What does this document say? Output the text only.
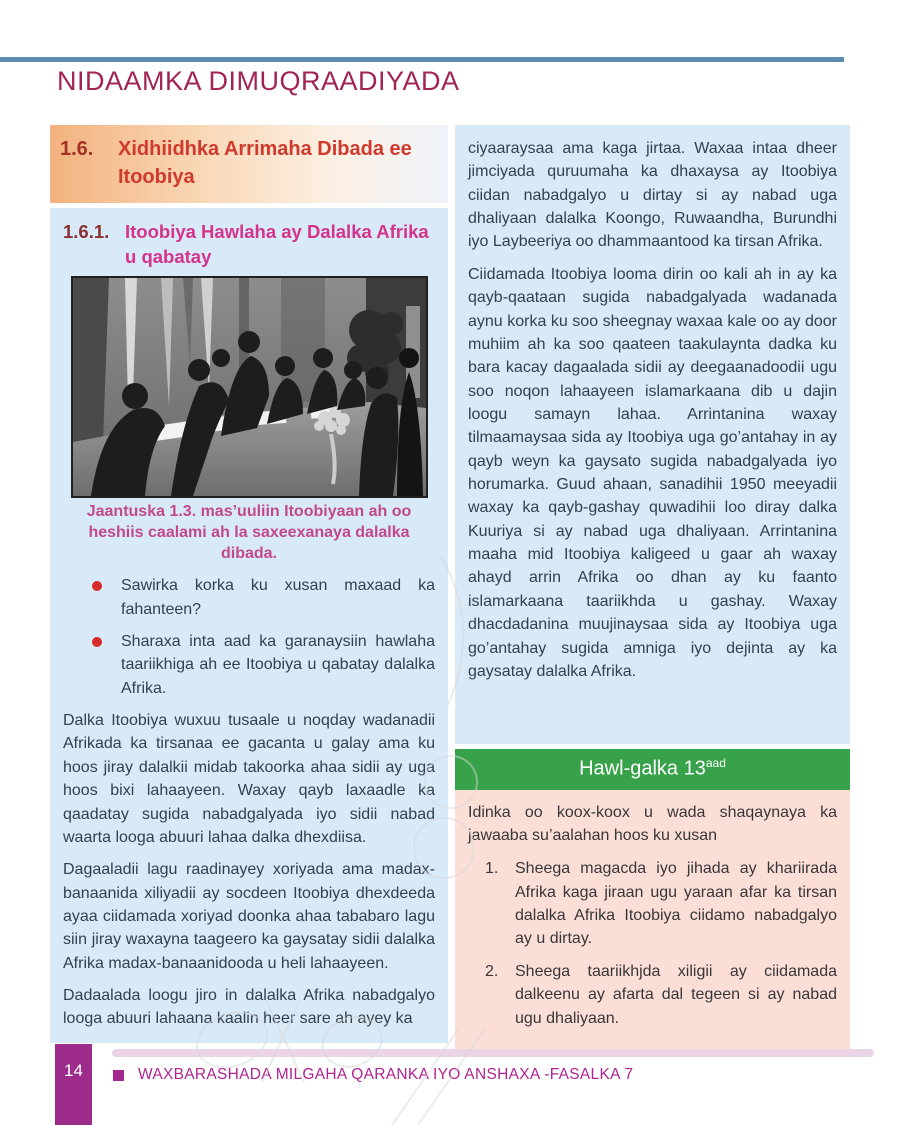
NIDAAMKA DIMUQRAADIYADA
1.6.	Xidhiidhka Arrimaha Dibada ee Itoobiya
1.6.1. Itoobiya Hawlaha ay Dalalka Afrika u qabatay
Jaantuska 1.3. mas’uuliin Itoobiyaan ah oo heshiis caalami ah la saxeexanaya dalalka dibada.
Sawirka korka ku xusan maxaad ka fahanteen?
Sharaxa inta aad ka garanaysiin hawlaha taariikhiga ah ee Itoobiya u qabatay dalalka Afrika.

Dalka Itoobiya wuxuu tusaale u noqday wadanadii Afrikada ka tirsanaa ee gacanta u galay ama ku hoos jiray dalalkii midab takoorka ahaa sidii ay uga hoos bixi lahaayeen. Waxay qayb laxaadle ka qaadatay sugida nabadgalyada iyo sidii nabad waarta looga abuuri lahaa dalka dhexdiisa.

Dagaaladii lagu raadinayey xoriyada ama madax-banaanida xiliyadii ay socdeen Itoobiya dhexdeeda ayaa ciidamada xoriyad doonka ahaa tababaro lagu siin jiray waxayna taageero ka gaysatay sidii dalalka Afrika madax-banaanidooda u heli lahaayeen.

Dadaalada loogu jiro in dalalka Afrika nabadgalyo looga abuuri lahaana kaalin heer sare ah ayey ka

ciyaaraysaa ama kaga jirtaa. Waxaa intaa dheer jimciyada quruumaha ka dhaxaysa ay Itoobiya ciidan nabadgalyo u dirtay si ay nabad uga dhaliyaan dalalka Koongo, Ruwaandha, Burundhi iyo Laybeeriya oo dhammaantood ka tirsan Afrika.

Ciidamada Itoobiya looma dirin oo kali ah in ay ka qayb-qaataan sugida nabadgalyada wadanada aynu korka ku soo sheegnay waxaa kale oo ay door muhiim ah ka soo qaateen taakulaynta dadka ku bara kacay dagaalada sidii ay deegaanadoodii ugu soo noqon lahaayeen islamarkaana dib u dajin loogu samayn lahaa. Arrintanina waxay tilmaamaysaa sida ay Itoobiya uga go’antahay in ay qayb weyn ka gaysato sugida nabadgalyada iyo horumarka. Guud ahaan, sanadihii 1950 meeyadii waxay ka qayb-gashay quwadihii loo diray dalka Kuuriya si ay nabad uga dhaliyaan. Arrintanina maaha mid Itoobiya kaligeed u gaar ah waxay ahayd arrin Afrika oo dhan ay ku faanto islamarkaana taariikhda u gashay. Waxay dhacdadanina muujinaysaa sida ay Itoobiya uga go’antahay sugida amniga iyo dejinta ay ka gaysatay dalalka Afrika.

Hawl-galka $13^{aad}$

Idinka oo koox-koox u wada shaqaynaya ka jawaaba su’aalahan hoos ku xusan

1.	Sheega magacda iyo jihada ay khariirada Afrika kaga jiraan ugu yaraan afar ka tirsan dalalka Afrika Itoobiya ciidamo nabadgalyo ay u dirtay.
2.	Sheega taariikhjda xiligii ay ciidamada dalkeenu ay afarta dal tegeen si ay nabad ugu dhaliyaan.
14	WAXBARASHADA MILGAHA QARANKA IYO ANSHAXA -FASALKA 7
